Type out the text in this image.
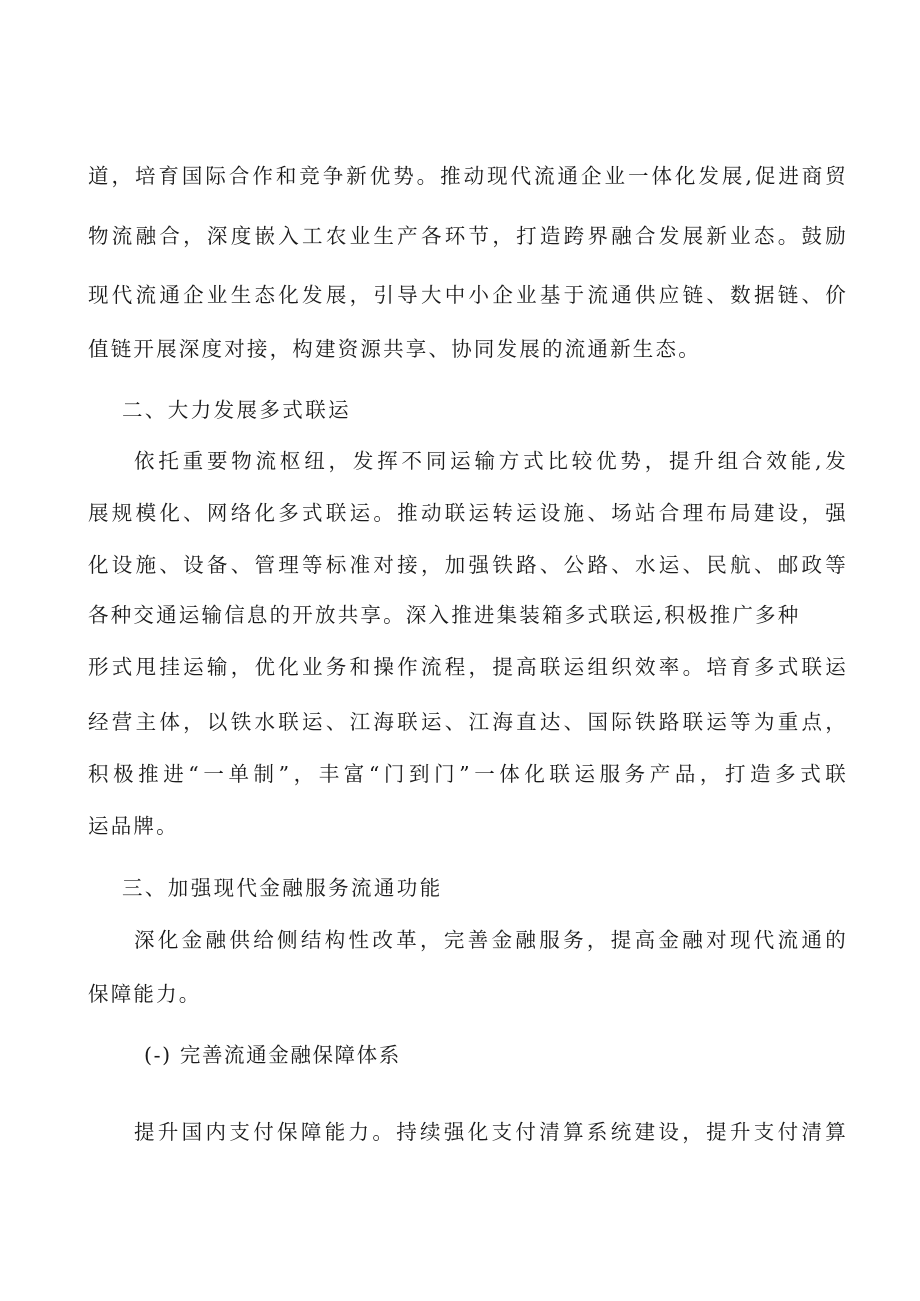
道，培育国际合作和竞争新优势。推动现代流通企业一体化发展,促进商贸
物流融合，深度嵌入工农业生产各环节，打造跨界融合发展新业态。鼓励
现代流通企业生态化发展，引导大中小企业基于流通供应链、数据链、价
值链开展深度对接，构建资源共享、协同发展的流通新生态。
二、大力发展多式联运
依托重要物流枢纽，发挥不同运输方式比较优势，提升组合效能,发
展规模化、网络化多式联运。推动联运转运设施、场站合理布局建设，强
化设施、设备、管理等标准对接，加强铁路、公路、水运、民航、邮政等
各种交通运输信息的开放共享。深入推进集装箱多式联运,积极推广多种
形式甩挂运输，优化业务和操作流程，提高联运组织效率。培育多式联运
经营主体，以铁水联运、江海联运、江海直达、国际铁路联运等为重点，
积极推进“一单制”，丰富“门到门”一体化联运服务产品，打造多式联
运品牌。
三、加强现代金融服务流通功能
深化金融供给侧结构性改革，完善金融服务，提高金融对现代流通的
保障能力。
(-) 完善流通金融保障体系
提升国内支付保障能力。持续强化支付清算系统建设，提升支付清算
